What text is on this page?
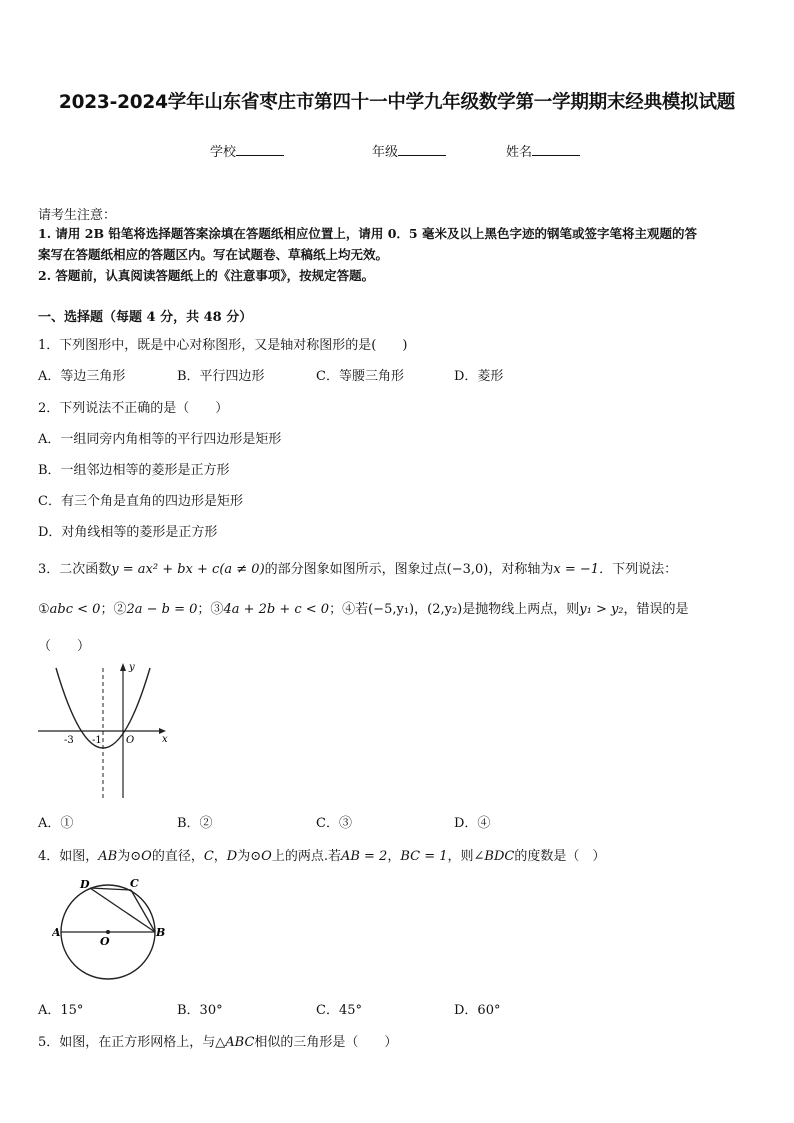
2023-2024学年山东省枣庄市第四十一中学九年级数学第一学期期末经典模拟试题
学校	年级	姓名
请考生注意：
1. 请用 2B 铅笔将选择题答案涂填在答题纸相应位置上，请用 0．5 毫米及以上黑色字迹的钢笔或签字笔将主观题的答
案写在答题纸相应的答题区内。写在试题卷、草稿纸上均无效。
2. 答题前，认真阅读答题纸上的《注意事项》，按规定答题。
一、选择题（每题 4 分，共 48 分）
1．下列图形中，既是中心对称图形，又是轴对称图形的是(　　)
A．等边三角形	B．平行四边形	C．等腰三角形	D．菱形
2．下列说法不正确的是（　　）
A．一组同旁内角相等的平行四边形是矩形
B．一组邻边相等的菱形是正方形
C．有三个角是直角的四边形是矩形
D．对角线相等的菱形是正方形
3．二次函数y = ax² + bx + c(a ≠ 0)的部分图象如图所示，图象过点(−3,0)，对称轴为x = −1．下列说法：
①abc < 0；②2a − b = 0；③4a + 2b + c < 0；④若(−5,y₁)，(2,y₂)是抛物线上两点，则y₁ > y₂，错误的是
（　　）
y
x
-3 -1 O
A．①	B．②	C．③	D．④
4．如图，AB为⊙O的直径，C，D为⊙O上的两点.若AB = 2，BC = 1，则∠BDC的度数是（　）
D	C
A
O
B
A．15°	B．30°	C．45°	D．60°
5．如图，在正方形网格上，与△ABC相似的三角形是（　　）
